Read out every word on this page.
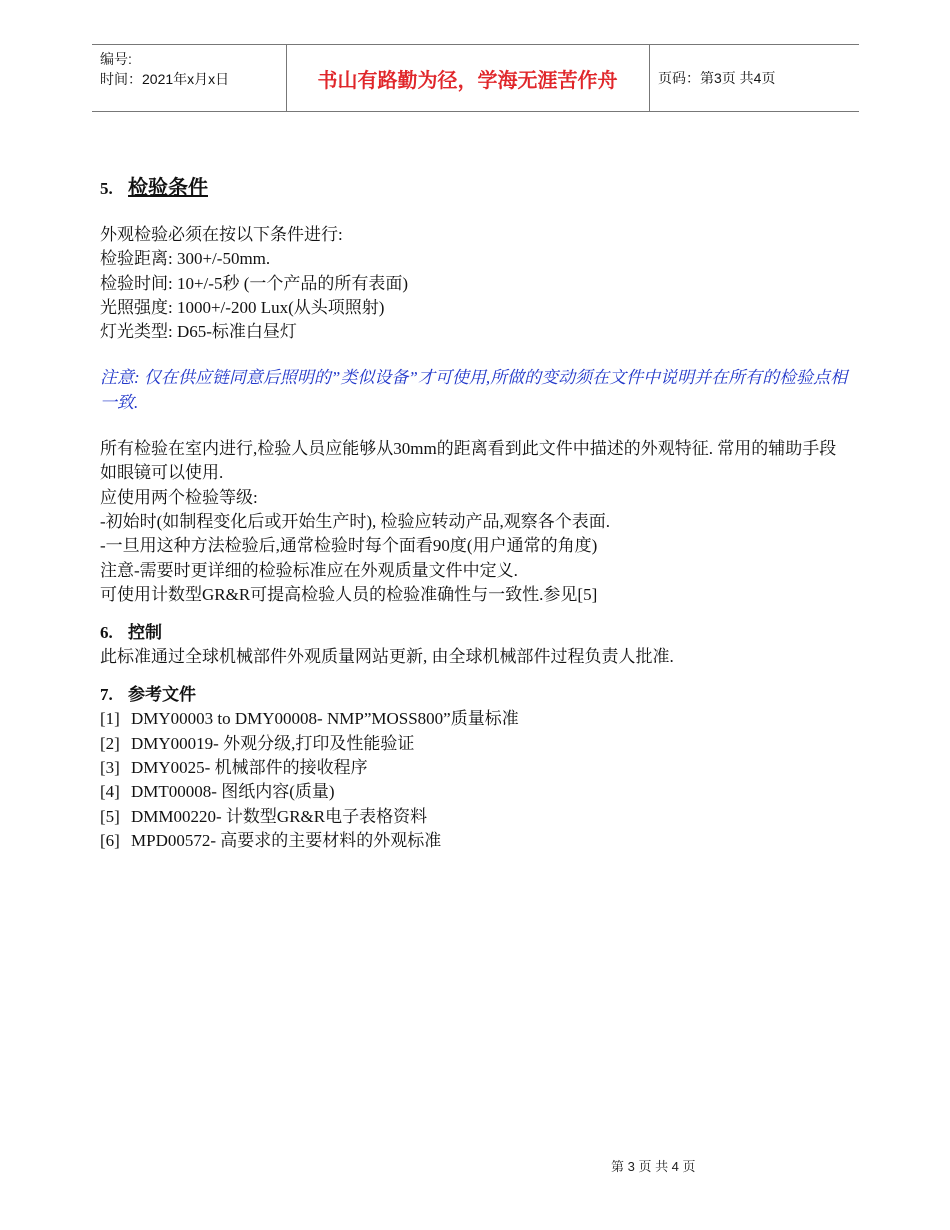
编号:
时间：2021年x月x日	书山有路勤为径，学海无涯苦作舟	页码：第3页 共4页
5. 检验条件
外观检验必须在按以下条件进行:
检验距离: 300+/-50mm.
检验时间: 10+/-5秒 (一个产品的所有表面)
光照强度: 1000+/-200 Lux(从头项照射)
灯光类型: D65-标准白昼灯
注意: 仅在供应链同意后照明的”类似设备”才可使用,所做的变动须在文件中说明并在所有的检验点相一致.
所有检验在室内进行,检验人员应能够从30mm的距离看到此文件中描述的外观特征. 常用的辅助手段如眼镜可以使用.
应使用两个检验等级:
-初始时(如制程变化后或开始生产时), 检验应转动产品,观察各个表面.
-一旦用这种方法检验后,通常检验时每个面看90度(用户通常的角度)
注意-需要时更详细的检验标准应在外观质量文件中定义.
可使用计数型GR&R可提高检验人员的检验准确性与一致性.参见[5]
6. 控制
此标准通过全球机械部件外观质量网站更新, 由全球机械部件过程负责人批准.
7. 参考文件
[1] DMY00003 to DMY00008- NMP”MOSS800”质量标准
[2] DMY00019- 外观分级,打印及性能验证
[3] DMY0025- 机械部件的接收程序
[4] DMT00008- 图纸内容(质量)
[5] DMM00220- 计数型GR&R电子表格资料
[6] MPD00572- 高要求的主要材料的外观标准
第 3 页 共 4 页
